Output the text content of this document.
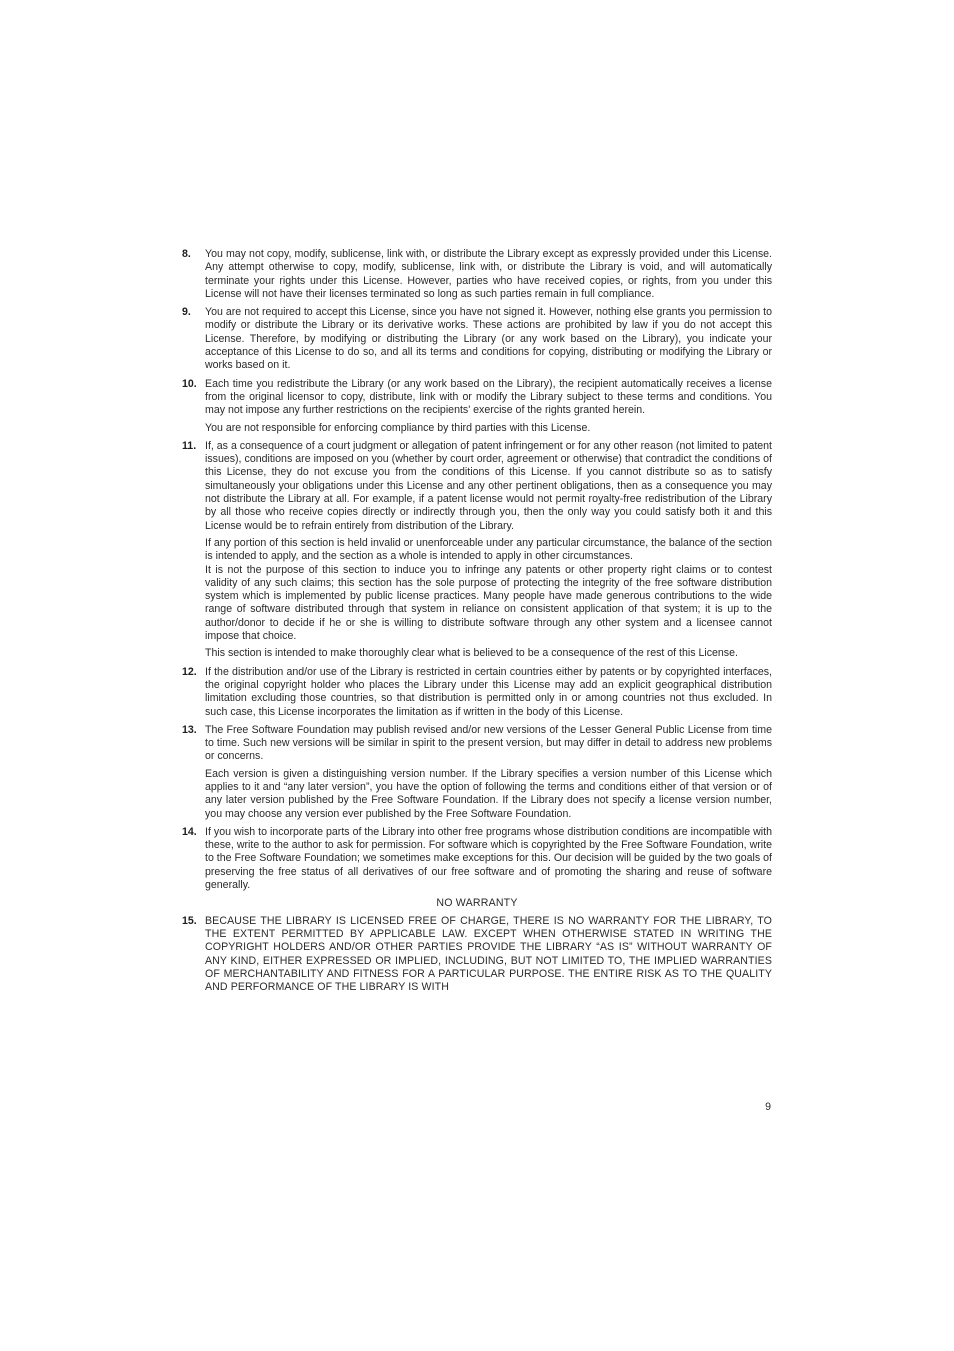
8.	You may not copy, modify, sublicense, link with, or distribute the Library except as expressly provided under this License. Any attempt otherwise to copy, modify, sublicense, link with, or distribute the Library is void, and will automatically terminate your rights under this License. However, parties who have received copies, or rights, from you under this License will not have their licenses terminated so long as such parties remain in full compliance.

9.	You are not required to accept this License, since you have not signed it. However, nothing else grants you permission to modify or distribute the Library or its derivative works. These actions are prohibited by law if you do not accept this License. Therefore, by modifying or distributing the Library (or any work based on the Library), you indicate your acceptance of this License to do so, and all its terms and conditions for copying, distributing or modifying the Library or works based on it.

10. Each time you redistribute the Library (or any work based on the Library), the recipient automatically receives a license from the original licensor to copy, distribute, link with or modify the Library subject to these terms and conditions. You may not impose any further restrictions on the recipients' exercise of the rights granted herein.

You are not responsible for enforcing compliance by third parties with this License.

11. If, as a consequence of a court judgment or allegation of patent infringement or for any other reason (not limited to patent issues), conditions are imposed on you (whether by court order, agreement or otherwise) that contradict the conditions of this License, they do not excuse you from the conditions of this License. If you cannot distribute so as to satisfy simultaneously your obligations under this License and any other pertinent obligations, then as a consequence you may not distribute the Library at all. For example, if a patent license would not permit royalty-free redistribution of the Library by all those who receive copies directly or indirectly through you, then the only way you could satisfy both it and this License would be to refrain entirely from distribution of the Library.

If any portion of this section is held invalid or unenforceable under any particular circumstance, the balance of the section is intended to apply, and the section as a whole is intended to apply in other circumstances.

It is not the purpose of this section to induce you to infringe any patents or other property right claims or to contest validity of any such claims; this section has the sole purpose of protecting the integrity of the free software distribution system which is implemented by public license practices. Many people have made generous contributions to the wide range of software distributed through that system in reliance on consistent application of that system; it is up to the author/donor to decide if he or she is willing to distribute software through any other system and a licensee cannot impose that choice.

This section is intended to make thoroughly clear what is believed to be a consequence of the rest of this License.

12. If the distribution and/or use of the Library is restricted in certain countries either by patents or by copyrighted interfaces, the original copyright holder who places the Library under this License may add an explicit geographical distribution limitation excluding those countries, so that distribution is permitted only in or among countries not thus excluded. In such case, this License incorporates the limitation as if written in the body of this License.

13. The Free Software Foundation may publish revised and/or new versions of the Lesser General Public License from time to time. Such new versions will be similar in spirit to the present version, but may differ in detail to address new problems or concerns.

Each version is given a distinguishing version number. If the Library specifies a version number of this License which applies to it and “any later version”, you have the option of following the terms and conditions either of that version or of any later version published by the Free Software Foundation. If the Library does not specify a license version number, you may choose any version ever published by the Free Software Foundation.

14. If you wish to incorporate parts of the Library into other free programs whose distribution conditions are incompatible with these, write to the author to ask for permission. For software which is copyrighted by the Free Software Foundation, write to the Free Software Foundation; we sometimes make exceptions for this. Our decision will be guided by the two goals of preserving the free status of all derivatives of our free software and of promoting the sharing and reuse of software generally.

NO WARRANTY
15. BECAUSE THE LIBRARY IS LICENSED FREE OF CHARGE, THERE IS NO WARRANTY FOR THE LIBRARY, TO THE EXTENT PERMITTED BY APPLICABLE LAW. EXCEPT WHEN OTHERWISE STATED IN WRITING THE COPYRIGHT HOLDERS AND/OR OTHER PARTIES PROVIDE THE LIBRARY “AS IS” WITHOUT WARRANTY OF ANY KIND, EITHER EXPRESSED OR IMPLIED, INCLUDING, BUT NOT LIMITED TO, THE IMPLIED WARRANTIES OF MERCHANTABILITY AND FITNESS FOR A PARTICULAR PURPOSE. THE ENTIRE RISK AS TO THE QUALITY AND PERFORMANCE OF THE LIBRARY IS WITH

9
